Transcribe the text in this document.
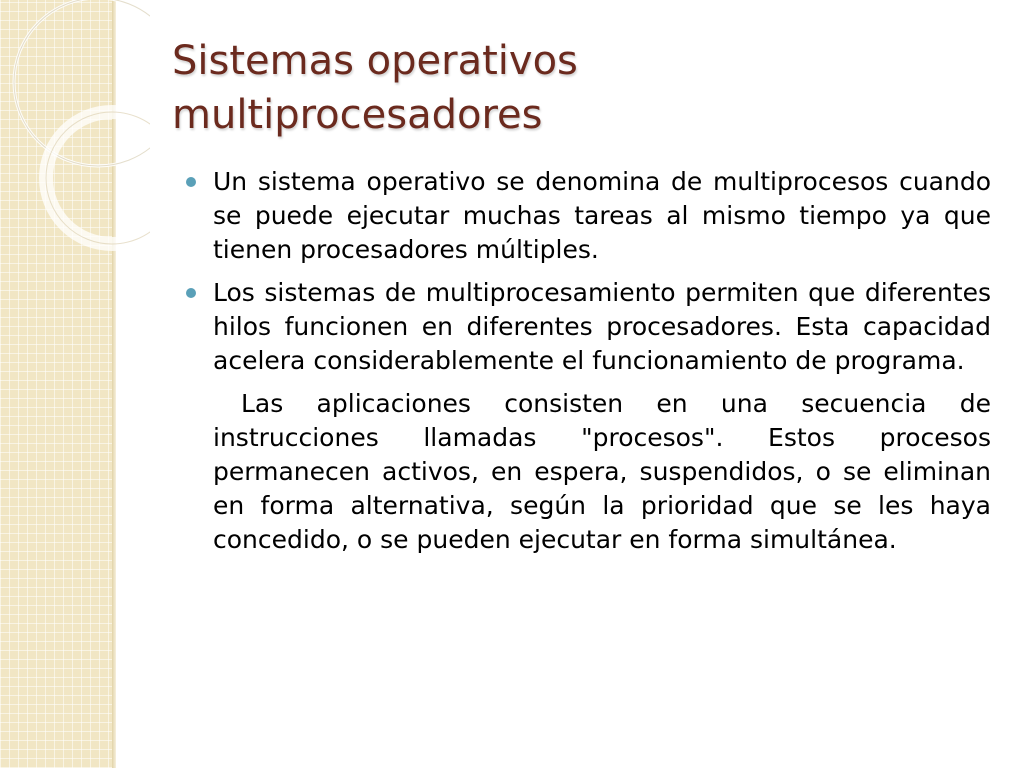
Sistemas operativos
multiprocesadores
Un sistema operativo se denomina de multiprocesos cuando se puede ejecutar muchas tareas al mismo tiempo ya que tienen procesadores múltiples.
Los sistemas de multiprocesamiento permiten que diferentes hilos funcionen en diferentes procesadores. Esta capacidad acelera considerablemente el funcionamiento de programa.

Las aplicaciones consisten en una secuencia de instrucciones llamadas "procesos". Estos procesos permanecen activos, en espera, suspendidos, o se eliminan en forma alternativa, según la prioridad que se les haya concedido, o se pueden ejecutar en forma simultánea.
